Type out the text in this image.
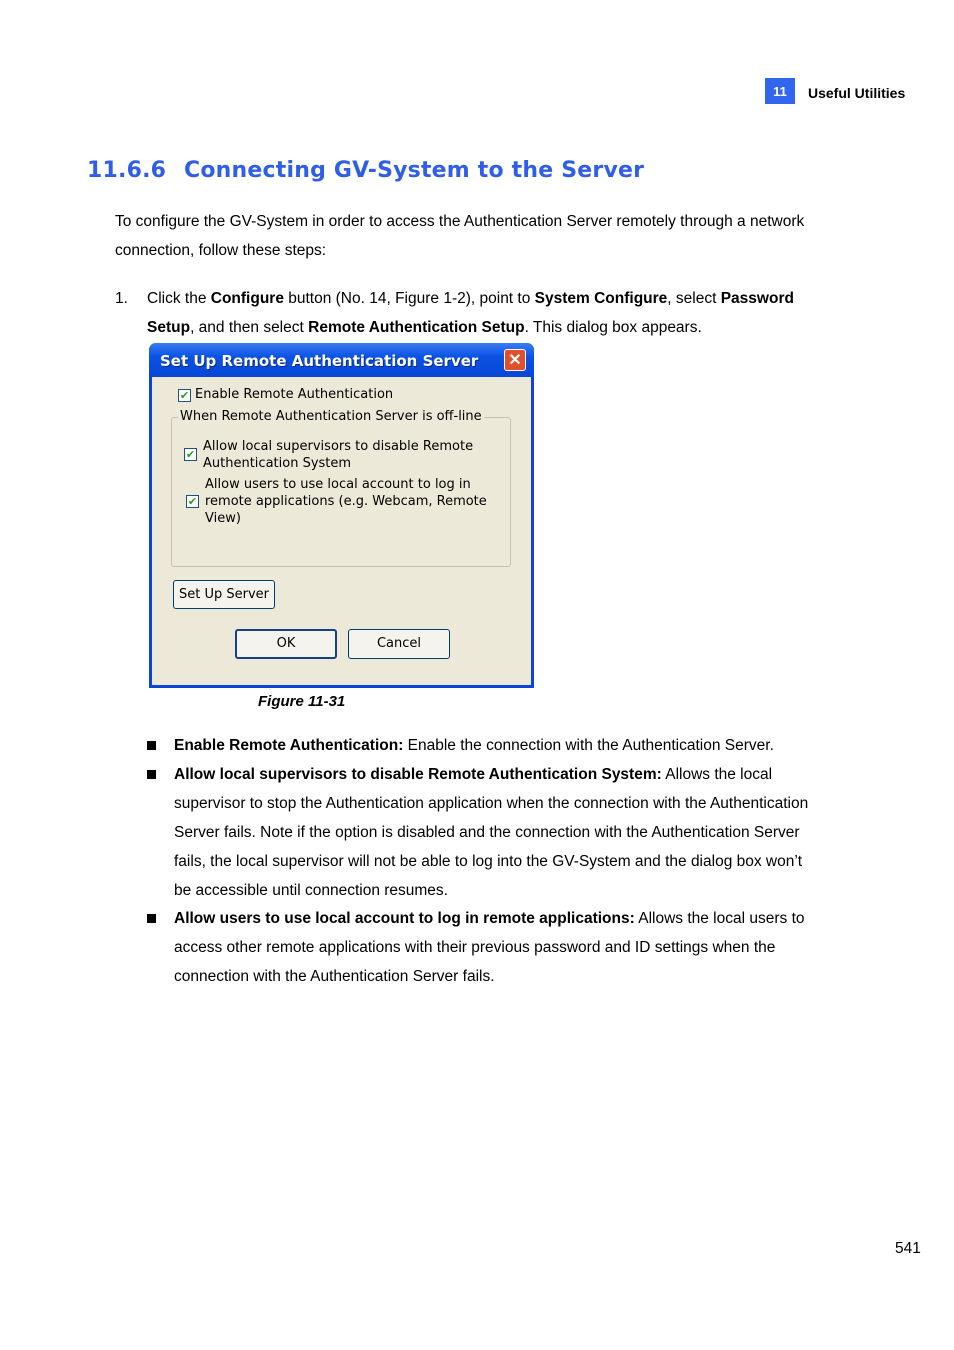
11	Useful Utilities
11.6.6 Connecting GV-System to the Server
To configure the GV-System in order to access the Authentication Server remotely through a network connection, follow these steps:
1. Click the Configure button (No. 14, Figure 1-2), point to System Configure, select Password Setup, and then select Remote Authentication Setup. This dialog box appears.
Set Up Remote Authentication Server ✕
✔ Enable Remote Authentication
When Remote Authentication Server is off-line
✔
Allow local supervisors to disable Remote
Authentication System
✔
Allow users to use local account to log in
remote applications (e.g. Webcam, Remote
View)
Set Up Server
OK	Cancel
Figure 11-31
Enable Remote Authentication: Enable the connection with the Authentication Server.
Allow local supervisors to disable Remote Authentication System: Allows the local
supervisor to stop the Authentication application when the connection with the Authentication
Server fails. Note if the option is disabled and the connection with the Authentication Server
fails, the local supervisor will not be able to log into the GV-System and the dialog box won’t
be accessible until connection resumes.
Allow users to use local account to log in remote applications: Allows the local users to
access other remote applications with their previous password and ID settings when the
connection with the Authentication Server fails.
541
